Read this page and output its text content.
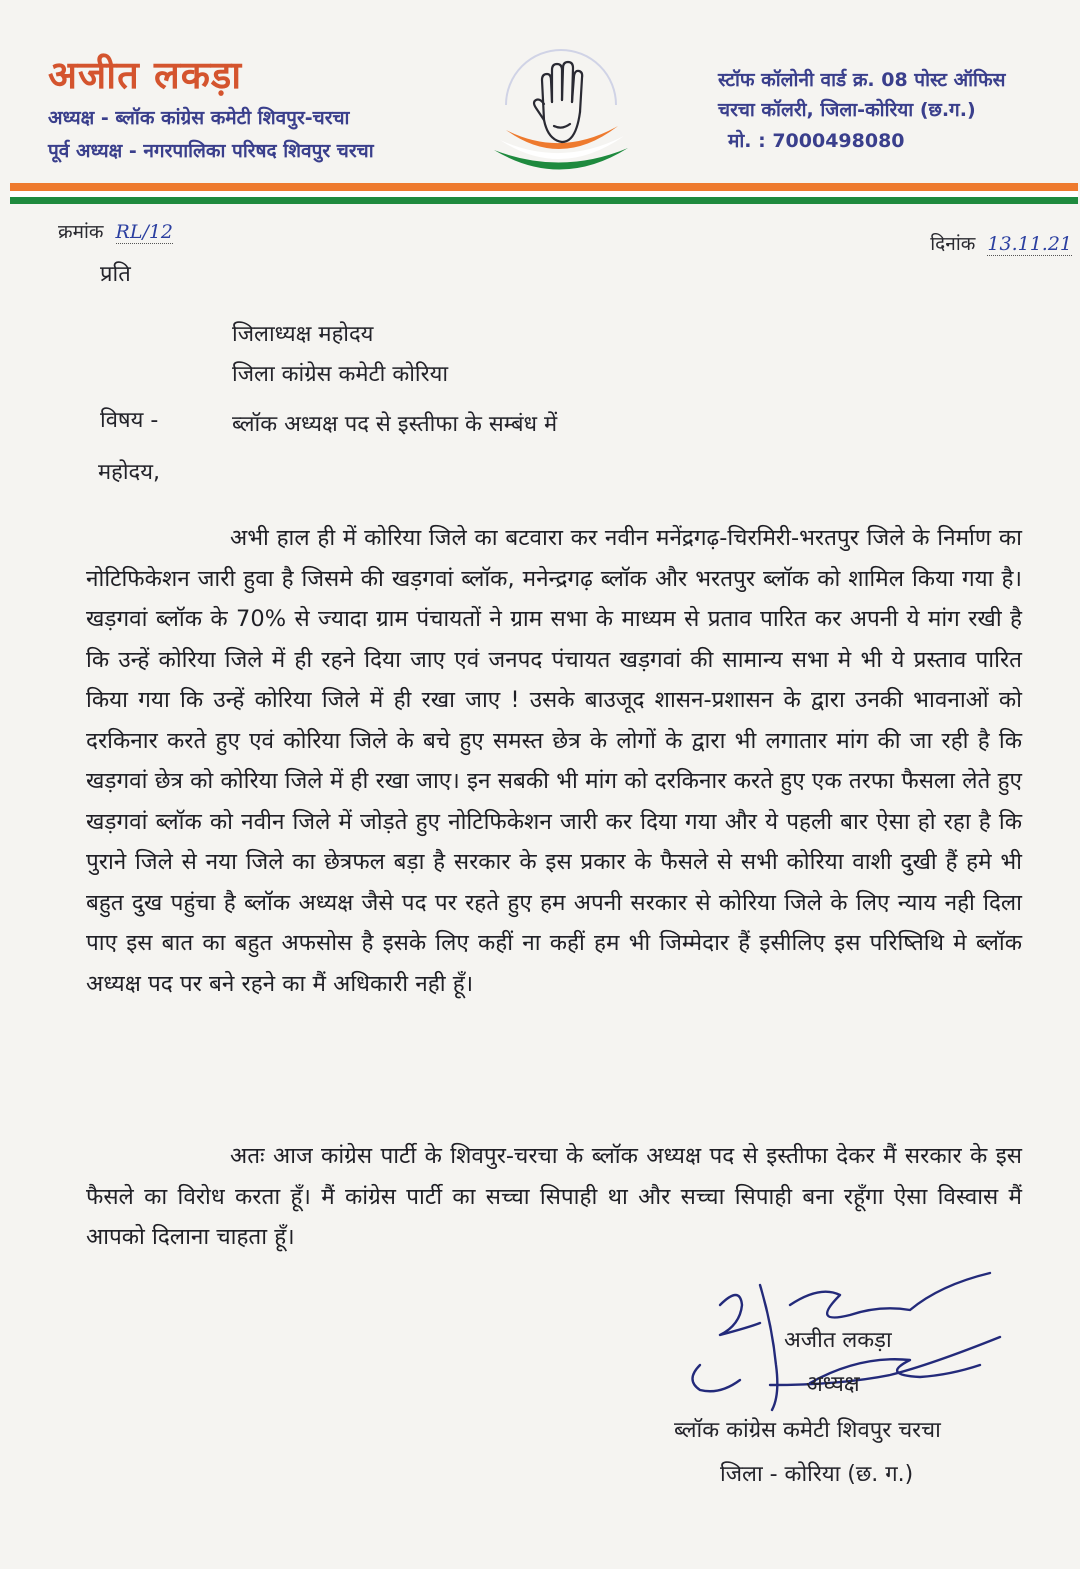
अजीत लकड़ा
अध्यक्ष - ब्लॉक कांग्रेस कमेटी शिवपुर-चरचा
पूर्व अध्यक्ष - नगरपालिका परिषद शिवपुर चरचा
स्टॉफ कॉलोनी वार्ड क्र. 08 पोस्ट ऑफिस
चरचा कॉलरी, जिला-कोरिया (छ.ग.)
मो. : 7000498080
क्रमांक RL/12
दिनांक 13.11.21
प्रति
जिलाध्यक्ष महोदय
जिला कांग्रेस कमेटी कोरिया
विषय -	ब्लॉक अध्यक्ष पद से इस्तीफा के सम्बंध में
महोदय,

अभी हाल ही में कोरिया जिले का बटवारा कर नवीन मनेंद्रगढ़-चिरमिरी-भरतपुर जिले के निर्माण का नोटिफिकेशन जारी हुवा है जिसमे की खड़गवां ब्लॉक, मनेन्द्रगढ़ ब्लॉक और भरतपुर ब्लॉक को शामिल किया गया है। खड़गवां ब्लॉक के 70% से ज्यादा ग्राम पंचायतों ने ग्राम सभा के माध्यम से प्रताव पारित कर अपनी ये मांग रखी है कि उन्हें कोरिया जिले में ही रहने दिया जाए एवं जनपद पंचायत खड़गवां की सामान्य सभा मे भी ये प्रस्ताव पारित किया गया कि उन्हें कोरिया जिले में ही रखा जाए ! उसके बाउजूद शासन-प्रशासन के द्वारा उनकी भावनाओं को दरकिनार करते हुए एवं कोरिया जिले के बचे हुए समस्त छेत्र के लोगों के द्वारा भी लगातार मांग की जा रही है कि खड़गवां छेत्र को कोरिया जिले में ही रखा जाए। इन सबकी भी मांग को दरकिनार करते हुए एक तरफा फैसला लेते हुए खड़गवां ब्लॉक को नवीन जिले में जोड़ते हुए नोटिफिकेशन जारी कर दिया गया और ये पहली बार ऐसा हो रहा है कि पुराने जिले से नया जिले का छेत्रफल बड़ा है सरकार के इस प्रकार के फैसले से सभी कोरिया वाशी दुखी हैं हमे भी बहुत दुख पहुंचा है ब्लॉक अध्यक्ष जैसे पद पर रहते हुए हम अपनी सरकार से कोरिया जिले के लिए न्याय नही दिला पाए इस बात का बहुत अफसोस है इसके लिए कहीं ना कहीं हम भी जिम्मेदार हैं इसीलिए इस परिष्तिथि मे ब्लॉक अध्यक्ष पद पर बने रहने का मैं अधिकारी नही हूँ।

अतः आज कांग्रेस पार्टी के शिवपुर-चरचा के ब्लॉक अध्यक्ष पद से इस्तीफा देकर मैं सरकार के इस फैसले का विरोध करता हूँ। मैं कांग्रेस पार्टी का सच्चा सिपाही था और सच्चा सिपाही बना रहूँगा ऐसा विस्वास मैं आपको दिलाना चाहता हूँ।

अजीत लकड़ा
अध्यक्ष
ब्लॉक कांग्रेस कमेटी शिवपुर चरचा
जिला - कोरिया (छ. ग.)
